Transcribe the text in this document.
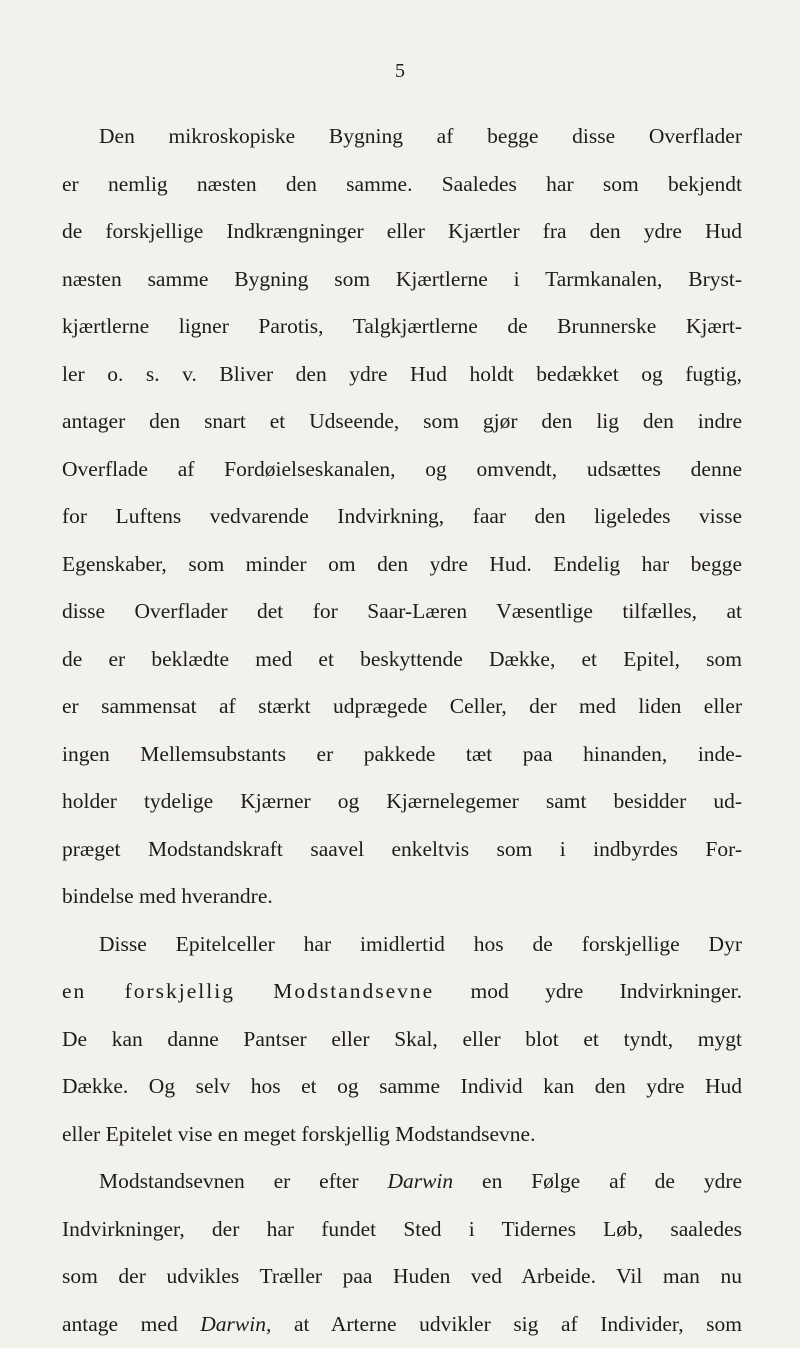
5
Den mikroskopiske Bygning af begge disse Overflader
er nemlig næsten den samme. Saaledes har som bekjendt
de forskjellige Indkrængninger eller Kjærtler fra den ydre Hud
næsten samme Bygning som Kjærtlerne i Tarmkanalen, Bryst-
kjærtlerne ligner Parotis, Talgkjærtlerne de Brunnerske Kjært-
ler o. s. v. Bliver den ydre Hud holdt bedækket og fugtig,
antager den snart et Udseende, som gjør den lig den indre
Overflade af Fordøielseskanalen, og omvendt, udsættes denne
for Luftens vedvarende Indvirkning, faar den ligeledes visse
Egenskaber, som minder om den ydre Hud. Endelig har begge
disse Overflader det for Saar-Læren Væsentlige tilfælles, at
de er beklædte med et beskyttende Dække, et Epitel, som
er sammensat af stærkt udprægede Celler, der med liden eller
ingen Mellemsubstants er pakkede tæt paa hinanden, inde-
holder tydelige Kjærner og Kjærnelegemer samt besidder ud-
præget Modstandskraft saavel enkeltvis som i indbyrdes For-
bindelse med hverandre.
Disse Epitelceller har imidlertid hos de forskjellige Dyr
en forskjellig Modstandsevne mod ydre Indvirkninger.
De kan danne Pantser eller Skal, eller blot et tyndt, mygt
Dække. Og selv hos et og samme Individ kan den ydre Hud
eller Epitelet vise en meget forskjellig Modstandsevne.
Modstandsevnen er efter Darwin en Følge af de ydre
Indvirkninger, der har fundet Sted i Tidernes Løb, saaledes
som der udvikles Træller paa Huden ved Arbeide. Vil man nu
antage med Darwin, at Arterne udvikler sig af Individer, som
